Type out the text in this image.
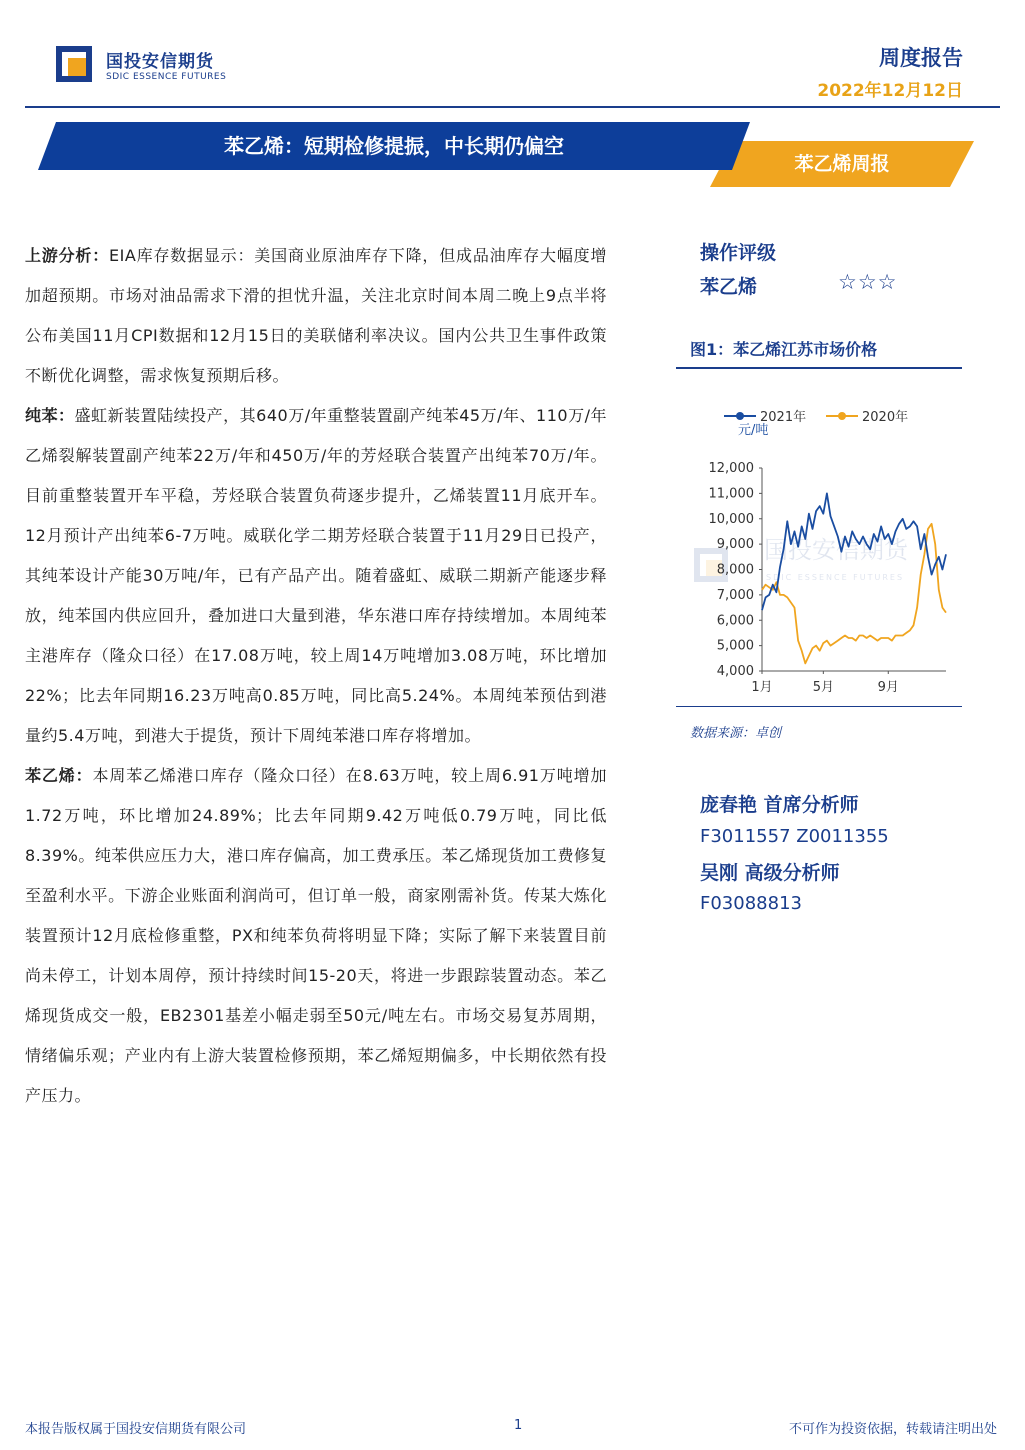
国投安信期货
SDIC ESSENCE FUTURES
周度报告
2022年12月12日
苯乙烯周报
苯乙烯：短期检修提振，中长期仍偏空

上游分析：EIA库存数据显示：美国商业原油库存下降，但成品油库存大幅度增加超预期。市场对油品需求下滑的担忧升温，关注北京时间本周二晚上9点半将公布美国11月CPI数据和12月15日的美联储利率决议。国内公共卫生事件政策不断优化调整，需求恢复预期后移。

纯苯：盛虹新装置陆续投产，其640万/年重整装置副产纯苯45万/年、110万/年乙烯裂解装置副产纯苯22万/年和450万/年的芳烃联合装置产出纯苯70万/年。目前重整装置开车平稳，芳烃联合装置负荷逐步提升，乙烯装置11月底开车。12月预计产出纯苯6-7万吨。威联化学二期芳烃联合装置于11月29日已投产，其纯苯设计产能30万吨/年，已有产品产出。随着盛虹、威联二期新产能逐步释放，纯苯国内供应回升，叠加进口大量到港，华东港口库存持续增加。本周纯苯主港库存（隆众口径）在17.08万吨，较上周14万吨增加3.08万吨，环比增加22%；比去年同期16.23万吨高0.85万吨，同比高5.24%。本周纯苯预估到港量约5.4万吨，到港大于提货，预计下周纯苯港口库存将增加。

苯乙烯：本周苯乙烯港口库存（隆众口径）在8.63万吨，较上周6.91万吨增加1.72万吨，环比增加24.89%；比去年同期9.42万吨低0.79万吨，同比低8.39%。纯苯供应压力大，港口库存偏高，加工费承压。苯乙烯现货加工费修复至盈利水平。下游企业账面利润尚可，但订单一般，商家刚需补货。传某大炼化装置预计12月底检修重整，PX和纯苯负荷将明显下降；实际了解下来装置目前尚未停工，计划本周停，预计持续时间15-20天，将进一步跟踪装置动态。苯乙烯现货成交一般，EB2301基差小幅走弱至50元/吨左右。市场交易复苏周期，情绪偏乐观；产业内有上游大装置检修预期，苯乙烯短期偏多，中长期依然有投产压力。

操作评级
苯乙烯	☆☆☆
图1：苯乙烯江苏市场价格
国投安信期货
SDIC ESSENCE FUTURES
2021年	2020年
元/吨
12,000
11,000
10,000
9,000
8,000
7,000
6,000
5,000
4,000
1月	5月	9月
数据来源：卓创
庞春艳 首席分析师
F3011557 Z0011355
吴刚 高级分析师
F03088813
本报告版权属于国投安信期货有限公司	1	不可作为投资依据，转载请注明出处
